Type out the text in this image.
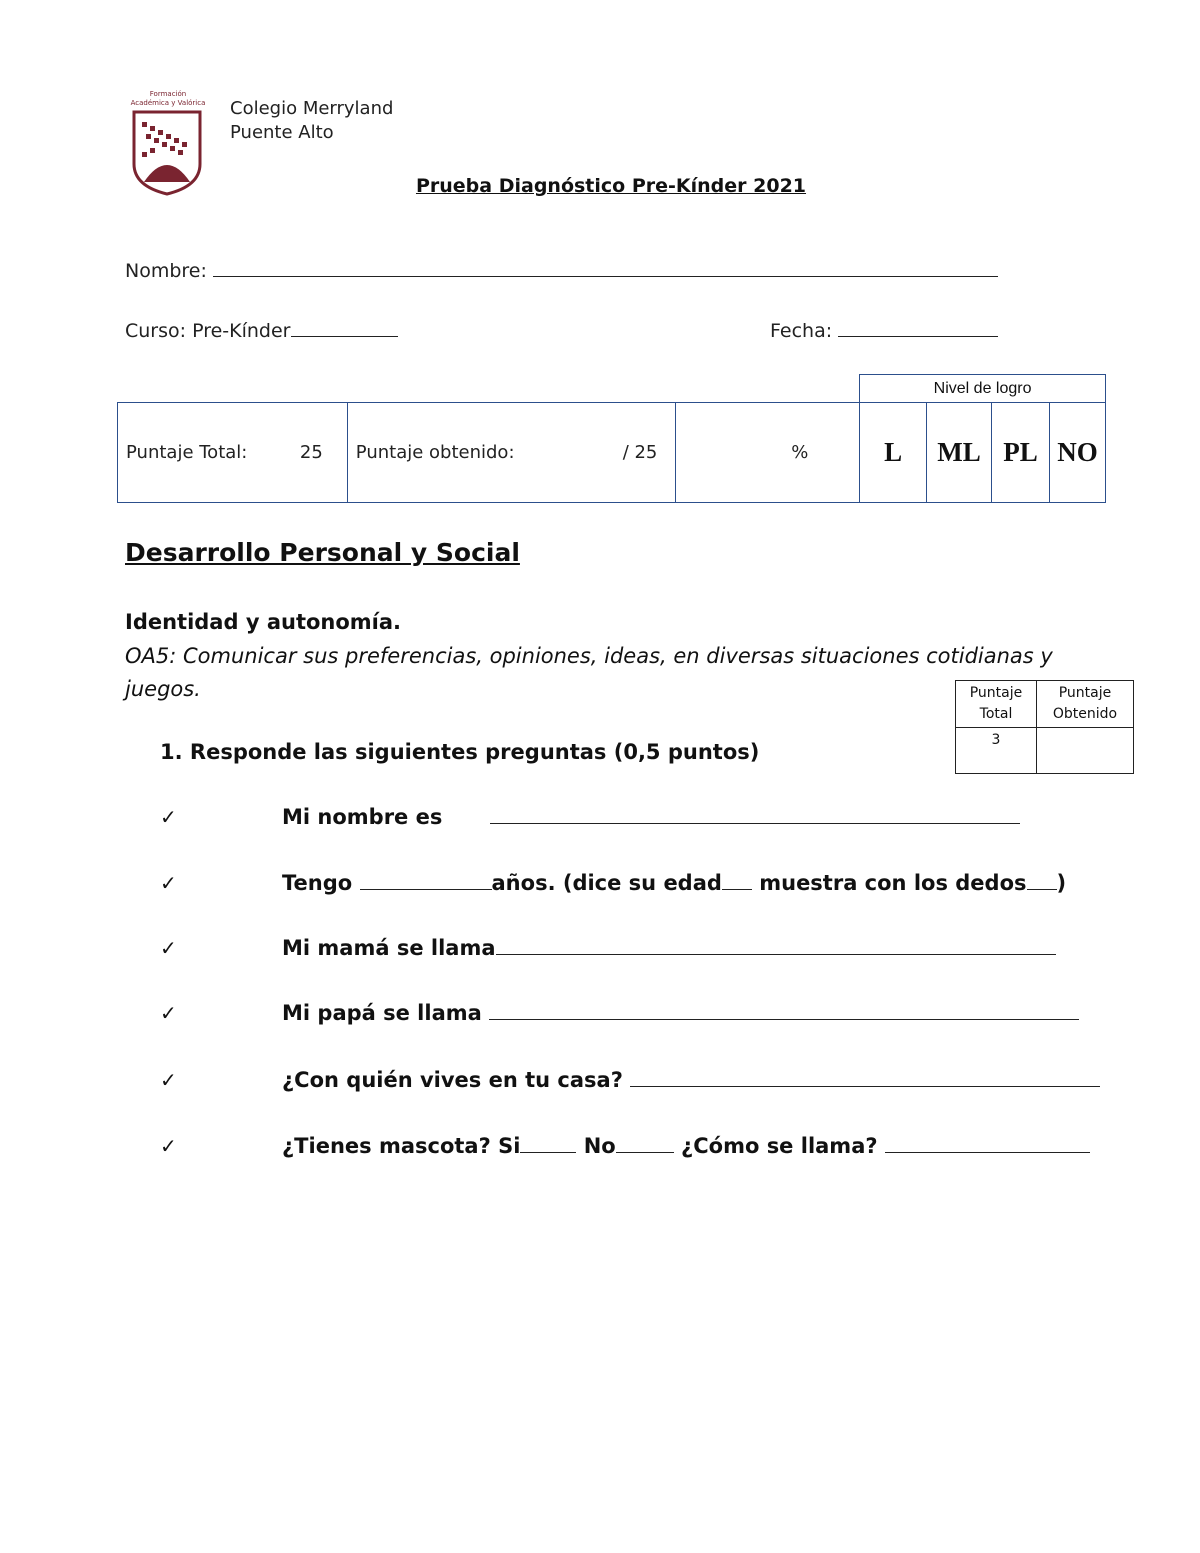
Formación
Académica y Valórica Colegio Merryland
Puente Alto
Prueba Diagnóstico Pre-Kínder 2021
Nombre:
Curso: Pre-Kínder	Fecha:
			Nivel de logro			

Puntaje Total: 25	Puntaje obtenido: / 25	%	L	ML	PL	NO
Desarrollo Personal y Social
Identidad y autonomía.
OA5: Comunicar sus preferencias, opiniones, ideas, en diversas situaciones cotidianas y juegos.	Puntaje Total	Puntaje Obtenido
3	
1. Responde las siguientes preguntas (0,5 puntos)
✓	Mi nombre es
✓	Tengo	años. (dice su edad muestra con los dedos )
✓	Mi mamá se llama
✓	Mi papá se llama
✓	¿Con quién vives en tu casa?
✓	¿Tienes mascota? Si	No	¿Cómo se llama?
